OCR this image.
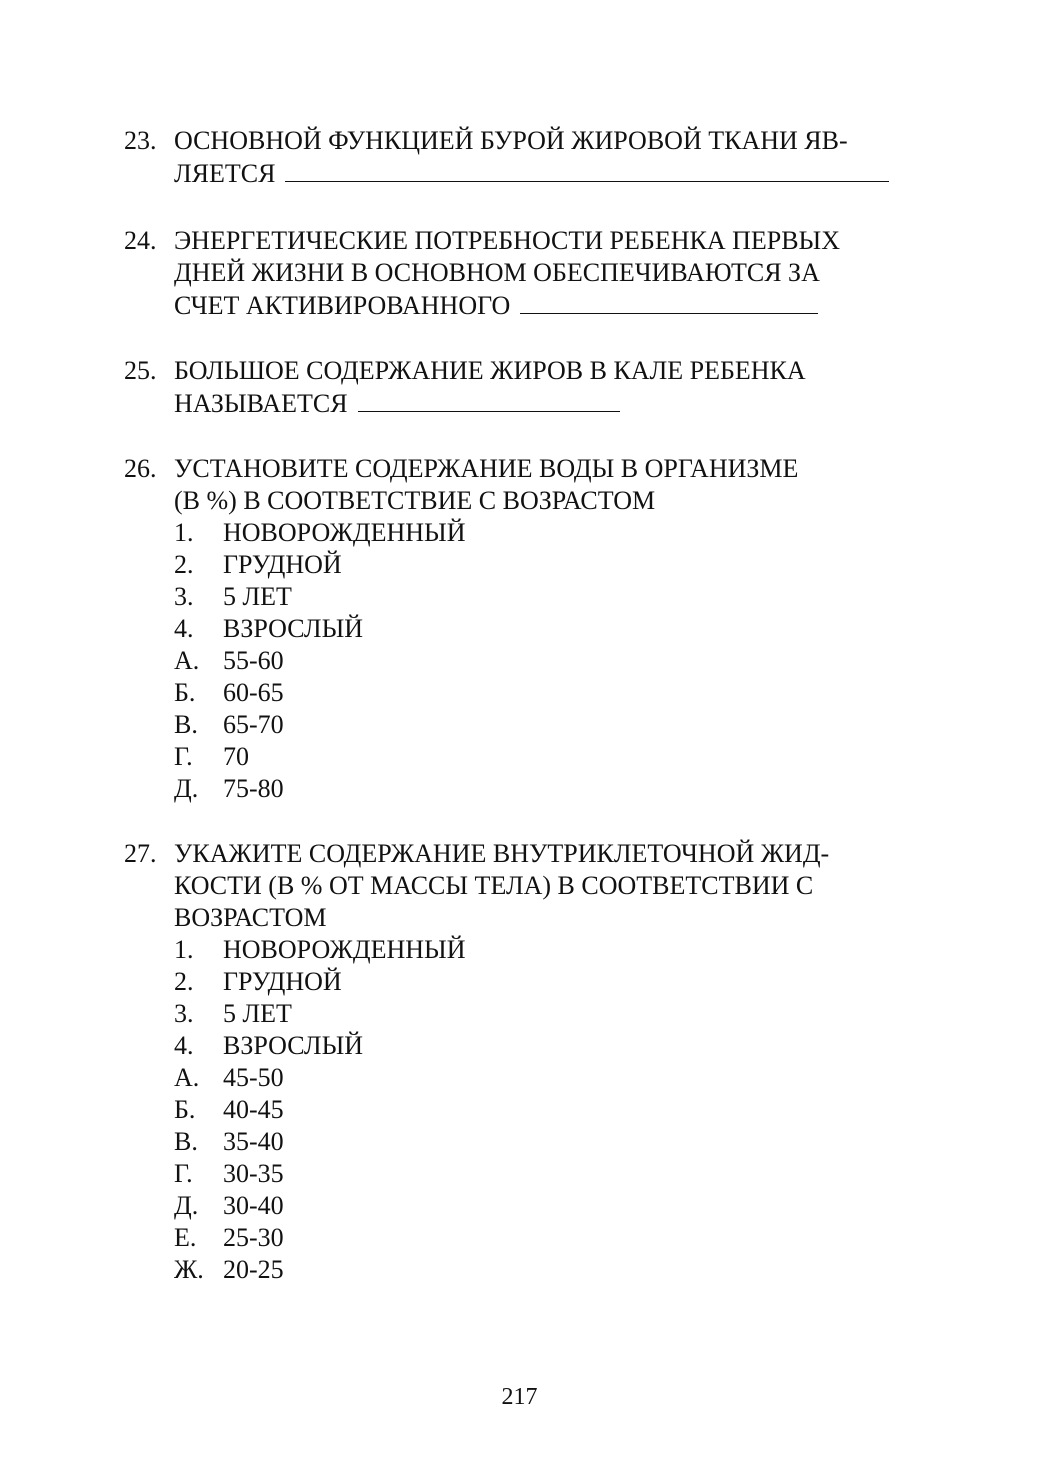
23. ОСНОВНОЙ ФУНКЦИЕЙ БУРОЙ ЖИРОВОЙ ТКАНИ ЯВ-
ЛЯЕТСЯ
24. ЭНЕРГЕТИЧЕСКИЕ ПОТРЕБНОСТИ РЕБЕНКА ПЕРВЫХ
ДНЕЙ ЖИЗНИ В ОСНОВНОМ ОБЕСПЕЧИВАЮТСЯ ЗА
СЧЕТ АКТИВИРОВАННОГО
25. БОЛЬШОЕ СОДЕРЖАНИЕ ЖИРОВ В КАЛЕ РЕБЕНКА
НАЗЫВАЕТСЯ
26. УСТАНОВИТЕ СОДЕРЖАНИЕ ВОДЫ В ОРГАНИЗМЕ
(В %) В СООТВЕТСТВИЕ С ВОЗРАСТОМ
1.	НОВОРОЖДЕННЫЙ
2.	ГРУДНОЙ
3.	5 ЛЕТ
4.	ВЗРОСЛЫЙ
А. 55-60
Б.	60-65
В. 65-70
Г.	70
Д. 75-80
27. УКАЖИТЕ СОДЕРЖАНИЕ ВНУТРИКЛЕТОЧНОЙ ЖИД-
КОСТИ (В % ОТ МАССЫ ТЕЛА) В СООТВЕТСТВИИ С
ВОЗРАСТОМ
1.	НОВОРОЖДЕННЫЙ
2.	ГРУДНОЙ
3.	5 ЛЕТ
4.	ВЗРОСЛЫЙ
А. 45-50
Б.	40-45
В. 35-40
Г.	30-35
Д. 30-40
Е.	25-30
Ж. 20-25
217
